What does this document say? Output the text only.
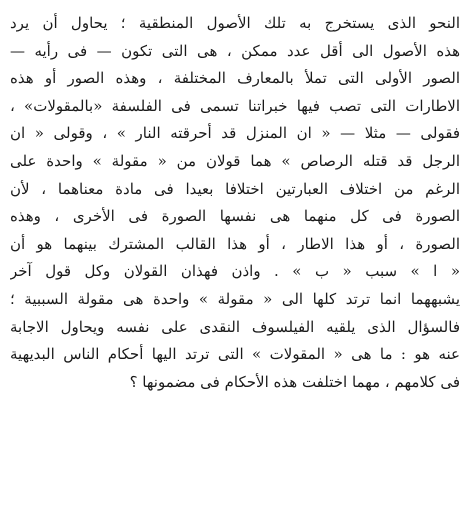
النحو الذى يستخرج به تلك الأصول المنطقية ؛ يحاول أن يرد
هذه الأصول الى أقل عدد ممكن ، هى التى تكون — فى رأيه —
الصور الأولى التى تملأ بالمعارف المختلفة ، وهذه الصور أو هذه
الاطارات التى تصب فيها خبراتنا تسمى فى الفلسفة «بالمقولات» ،
فقولى — مثلا — « ان المنزل قد أحرقته النار » ، وقولى « ان
الرجل قد قتله الرصاص » هما قولان من « مقولة » واحدة على
الرغم من اختلاف العبارتين اختلافا بعيدا فى مادة معناهما ، لأن
الصورة فى كل منهما هى نفسها الصورة فى الأخرى ، وهذه
الصورة ، أو هذا الاطار ، أو هذا القالب المشترك بينهما هو أن
« ا » سبب « ب » . واذن فهذان القولان وكل قول آخر
يشبههما انما ترتد كلها الى « مقولة » واحدة هى مقولة السببية ؛
فالسؤال الذى يلقيه الفيلسوف النقدى على نفسه ويحاول الاجابة
عنه هو : ما هى « المقولات » التى ترتد اليها أحكام الناس البديهية
فى كلامهم ، مهما اختلفت هذه الأحكام فى مضمونها ؟
